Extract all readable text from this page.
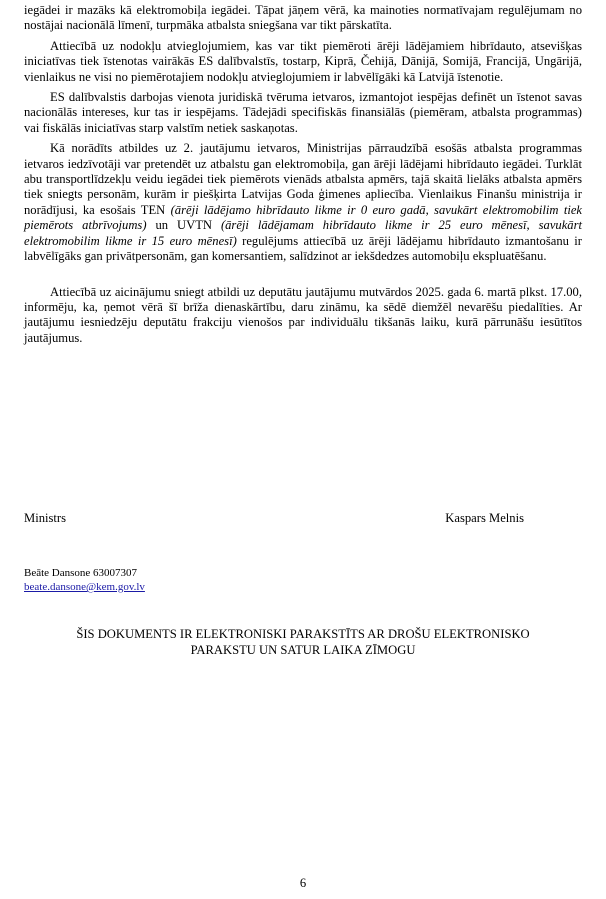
iegādei ir mazāks kā elektromobiļa iegādei. Tāpat jāņem vērā, ka mainoties normatīvajam regulējumam no nostājai nacionālā līmenī, turpmāka atbalsta sniegšana var tikt pārskatīta.

Attiecībā uz nodokļu atvieglojumiem, kas var tikt piemēroti ārēji lādējamiem hibrīdauto, atsevišķas iniciatīvas tiek īstenotas vairākās ES dalībvalstīs, tostarp, Kiprā, Čehijā, Dānijā, Somijā, Francijā, Ungārijā, vienlaikus ne visi no piemērotajiem nodokļu atvieglojumiem ir labvēlīgāki kā Latvijā īstenotie.

ES dalībvalstis darbojas vienota juridiskā tvēruma ietvaros, izmantojot iespējas definēt un īstenot savas nacionālās intereses, kur tas ir iespējams. Tādejādi specifiskās finansiālās (piemēram, atbalsta programmas) vai fiskālās iniciatīvas starp valstīm netiek saskaņotas.

Kā norādīts atbildes uz 2. jautājumu ietvaros, Ministrijas pārraudzībā esošās atbalsta programmas ietvaros iedzīvotāji var pretendēt uz atbalstu gan elektromobiļa, gan ārēji lādējami hibrīdauto iegādei. Turklāt abu transportlīdzekļu veidu iegādei tiek piemērots vienāds atbalsta apmērs, tajā skaitā lielāks atbalsta apmērs tiek sniegts personām, kurām ir piešķirta Latvijas Goda ģimenes apliecība. Vienlaikus Finanšu ministrija ir norādījusi, ka esošais TEN (ārēji lādējamo hibrīdauto likme ir 0 euro gadā, savukārt elektromobilim tiek piemērots atbrīvojums) un UVTN (ārēji lādējamam hibrīdauto likme ir 25 euro mēnesī, savukārt elektromobilim likme ir 15 euro mēnesī) regulējums attiecībā uz ārēji lādējamu hibrīdauto izmantošanu ir labvēlīgāks gan privātpersonām, gan komersantiem, salīdzinot ar iekšdedzes automobiļu ekspluatēšanu.

Attiecībā uz aicinājumu sniegt atbildi uz deputātu jautājumu mutvārdos 2025. gada 6. martā plkst. 17.00, informēju, ka, ņemot vērā šī brīža dienaskārtību, daru zināmu, ka sēdē diemžēl nevarēšu piedalīties. Ar jautājumu iesniedzēju deputātu frakciju vienošos par individuālu tikšanās laiku, kurā pārrunāšu iesūtītos jautājumus.

Ministrs	Kaspars Melnis
Beāte Dansone 63007307
beate.dansone@kem.gov.lv
ŠIS DOKUMENTS IR ELEKTRONISKI PARAKSTĪTS AR DROŠU ELEKTRONISKO
PARAKSTU UN SATUR LAIKA ZĪMOGU
6
